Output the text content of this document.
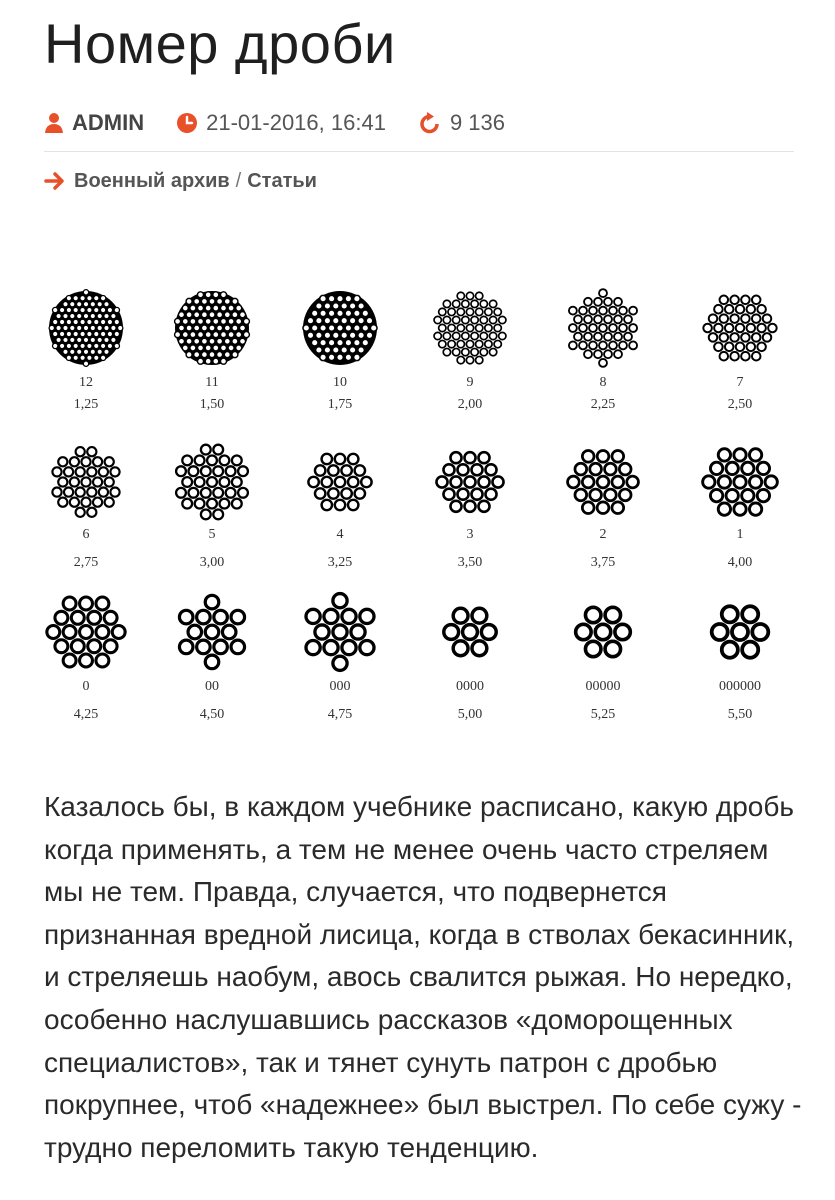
Номер дроби
ADMIN	21-01-2016, 16:41	9 136
Военный архив / Статьи
12
1,25
11
1,50
10
1,75
9
2,00
8
2,25
7
2,50
6
2,75
5
3,00
4
3,25
3
3,50
2
3,75
1
4,00
0
4,25
00
4,50
000
4,75
0000
5,00
00000
5,25
000000
5,50

Казалось бы, в каждом учебнике расписано, какую дробь когда применять, а тем не менее очень часто стреляем мы не тем. Правда, случается, что подвернется признанная вредной лисица, когда в стволах бекасинник, и стреляешь наобум, авось свалится рыжая. Но нередко, особенно наслушавшись рассказов «доморощенных специалистов», так и тянет сунуть патрон с дробью покрупнее, чтоб «надежнее» был выстрел. По себе сужу - трудно переломить такую тенденцию.
